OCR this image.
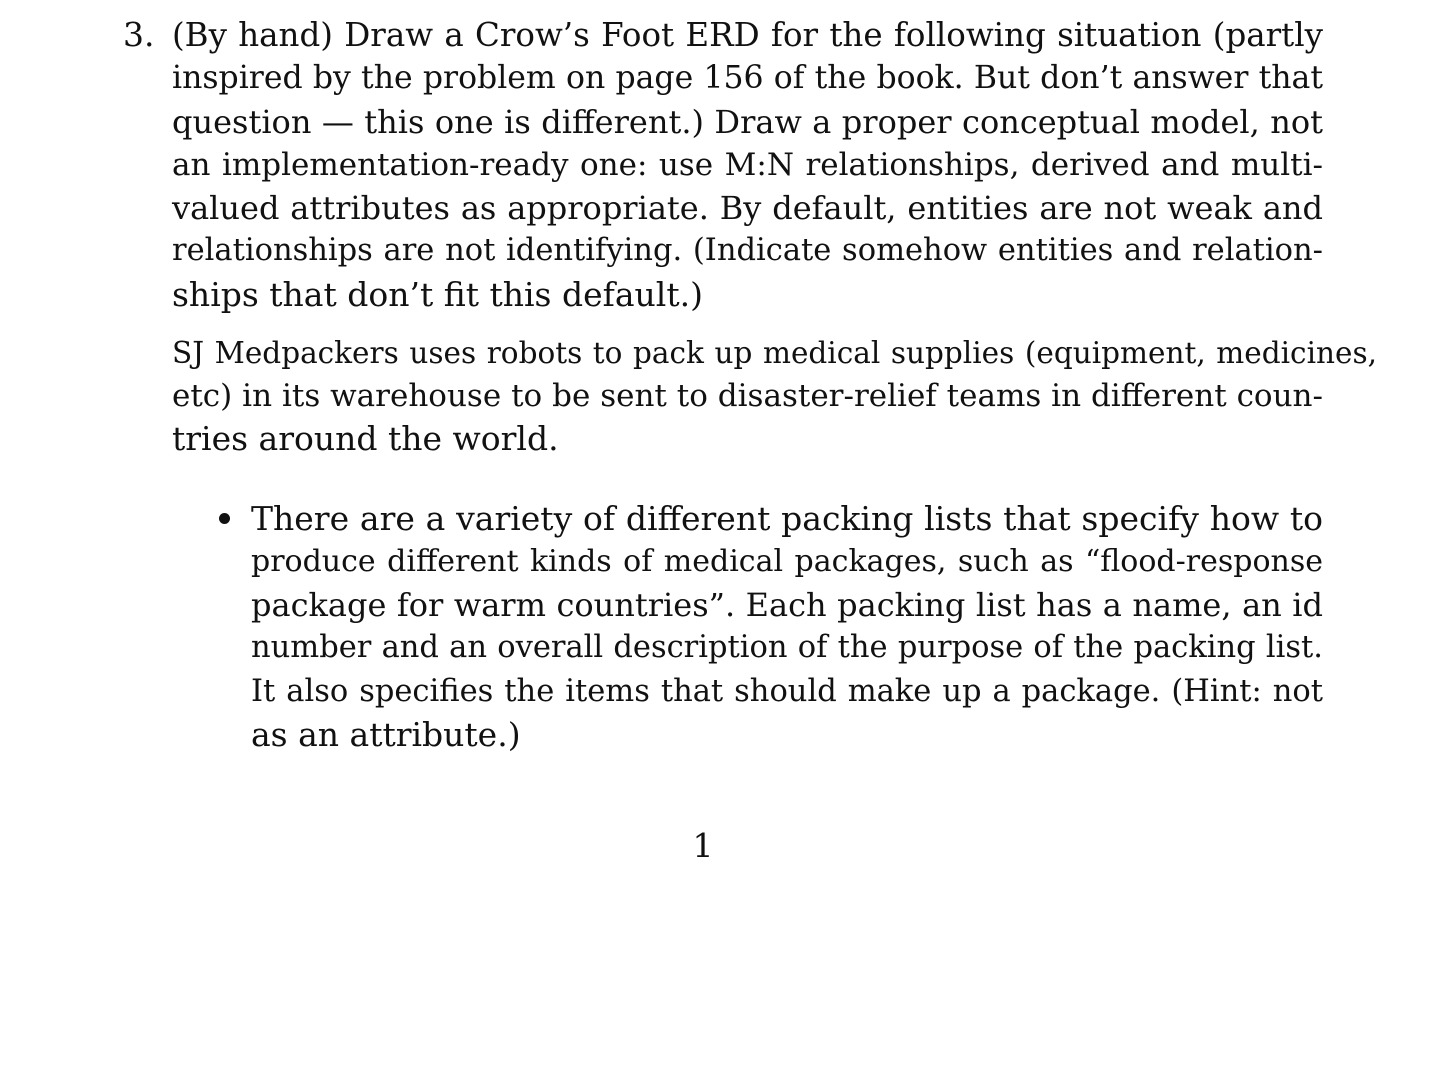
3. (By hand) Draw a Crow’s Foot ERD for the following situation (partly
inspired by the problem on page 156 of the book. But don’t answer that
question — this one is different.) Draw a proper conceptual model, not
an implementation-ready one: use M:N relationships, derived and multi-
valued attributes as appropriate. By default, entities are not weak and
relationships are not identifying. (Indicate somehow entities and relation-
ships that don’t fit this default.)
SJ Medpackers uses robots to pack up medical supplies (equipment, medicines,
etc) in its warehouse to be sent to disaster-relief teams in different coun-
tries around the world.
There are a variety of different packing lists that specify how to
produce different kinds of medical packages, such as “flood-response
package for warm countries”. Each packing list has a name, an id
number and an overall description of the purpose of the packing list.
It also specifies the items that should make up a package. (Hint: not
as an attribute.)
1
